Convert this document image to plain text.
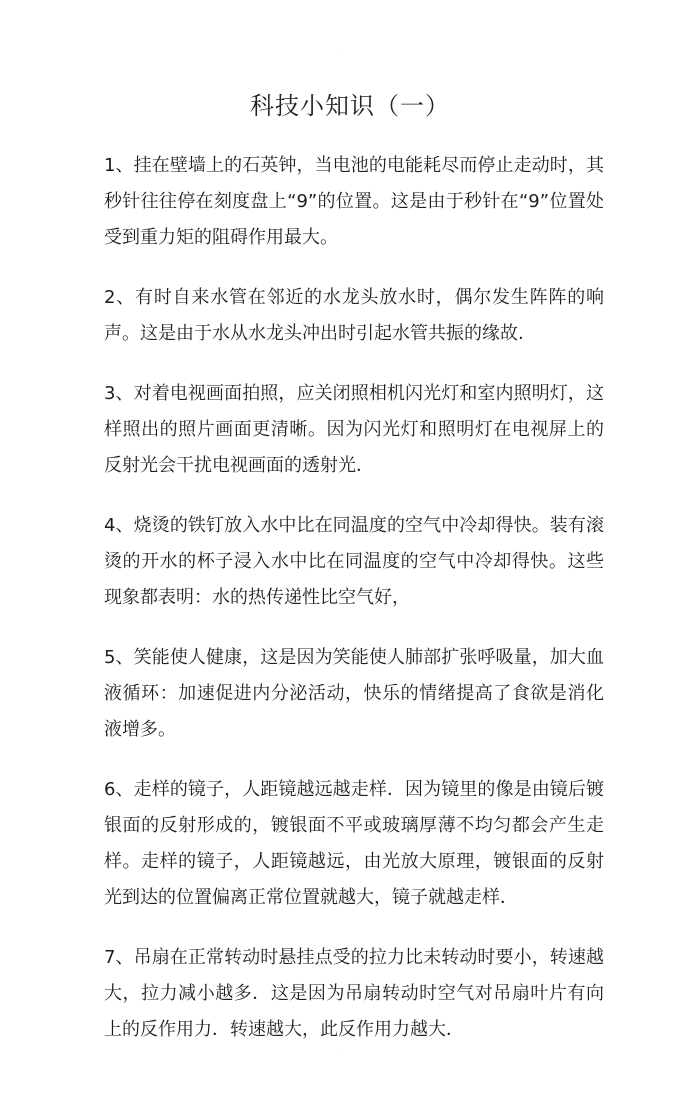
·
科技小知识（一）

1、挂在壁墙上的石英钟，当电池的电能耗尽而停止走动时，其秒针往往停在刻度盘上“9”的位置。这是由于秒针在“9”位置处受到重力矩的阻碍作用最大。

2、有时自来水管在邻近的水龙头放水时，偶尔发生阵阵的响声。这是由于水从水龙头冲出时引起水管共振的缘故.

3、对着电视画面拍照，应关闭照相机闪光灯和室内照明灯，这样照出的照片画面更清晰。因为闪光灯和照明灯在电视屏上的反射光会干扰电视画面的透射光．

4、烧烫的铁钉放入水中比在同温度的空气中冷却得快。装有滚烫的开水的杯子浸入水中比在同温度的空气中冷却得快。这些现象都表明：水的热传递性比空气好，

5、笑能使人健康，这是因为笑能使人肺部扩张呼吸量，加大血液循环：加速促进内分泌活动，快乐的情绪提高了食欲是消化液增多。

6、走样的镜子，人距镜越远越走样．因为镜里的像是由镜后镀银面的反射形成的，镀银面不平或玻璃厚薄不均匀都会产生走样。走样的镜子，人距镜越远，由光放大原理，镀银面的反射光到达的位置偏离正常位置就越大，镜子就越走样．

7、吊扇在正常转动时悬挂点受的拉力比未转动时要小，转速越大，拉力减小越多．这是因为吊扇转动时空气对吊扇叶片有向上的反作用力．转速越大，此反作用力越大．

· ·
